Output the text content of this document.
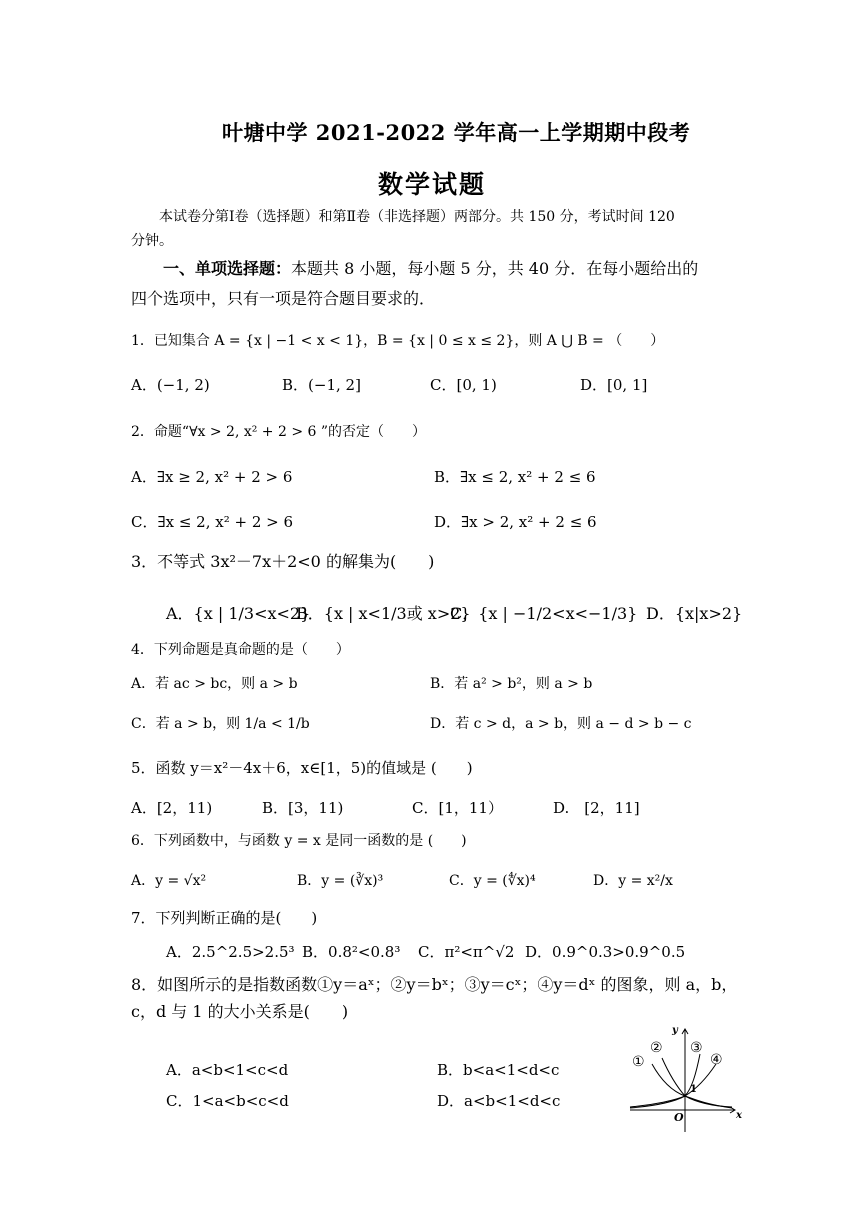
叶塘中学 2021-2022 学年高一上学期期中段考
数学试题
本试卷分第Ⅰ卷（选择题）和第Ⅱ卷（非选择题）两部分。共 150 分，考试时间 120
分钟。
一、单项选择题：本题共 8 小题，每小题 5 分，共 40 分．在每小题给出的
四个选项中，只有一项是符合题目要求的．
1．已知集合 A = {x | −1 < x < 1}，B = {x | 0 ≤ x ≤ 2}，则 A ⋃ B = （　　）
A．(−1, 2)	B．(−1, 2]	C．[0, 1)	D．[0, 1]
2．命题“∀x > 2, x² + 2 > 6 ”的否定（　　）
A．∃x ≥ 2, x² + 2 > 6	B．∃x ≤ 2, x² + 2 ≤ 6
C．∃x ≤ 2, x² + 2 > 6	D．∃x > 2, x² + 2 ≤ 6
3．不等式 3x²－7x＋2<0 的解集为(　　)
A．{x | 1/3<x<2}
B．{x | x<1/3或 x>2}
C．{x | −1/2<x<−1/3} D．{x|x>2}
4．下列命题是真命题的是（　　）
A．若 ac > bc，则 a > b	B．若 a² > b²，则 a > b
C．若 a > b，则 1/a < 1/b	D．若 c > d，a > b，则 a − d > b − c
5．函数 y＝x²－4x＋6，x∈[1，5)的值域是 (　　)
A．[2，11)	B．[3，11)	C．[1，11）	D.　[2，11]
6．下列函数中，与函数 y = x 是同一函数的是 (　　)
A．y = √x²	B．y = (∛x)³	C．y = (∜x)⁴	D．y = x²/x
7．下列判断正确的是(　　)
A．2.5^2.5>2.5³ B．0.8²<0.8³ C．π²<π^√2 D．0.9^0.3>0.9^0.5
8．如图所示的是指数函数①y＝aˣ；②y＝bˣ；③y＝cˣ；④y＝dˣ 的图象，则 a，b，
c，d 与 1 的大小关系是(　　)
A．a<b<1<c<d	B．b<a<1<d<c
C．1<a<b<c<d	D．a<b<1<d<c
y
x
O
1
①
② ③
④
